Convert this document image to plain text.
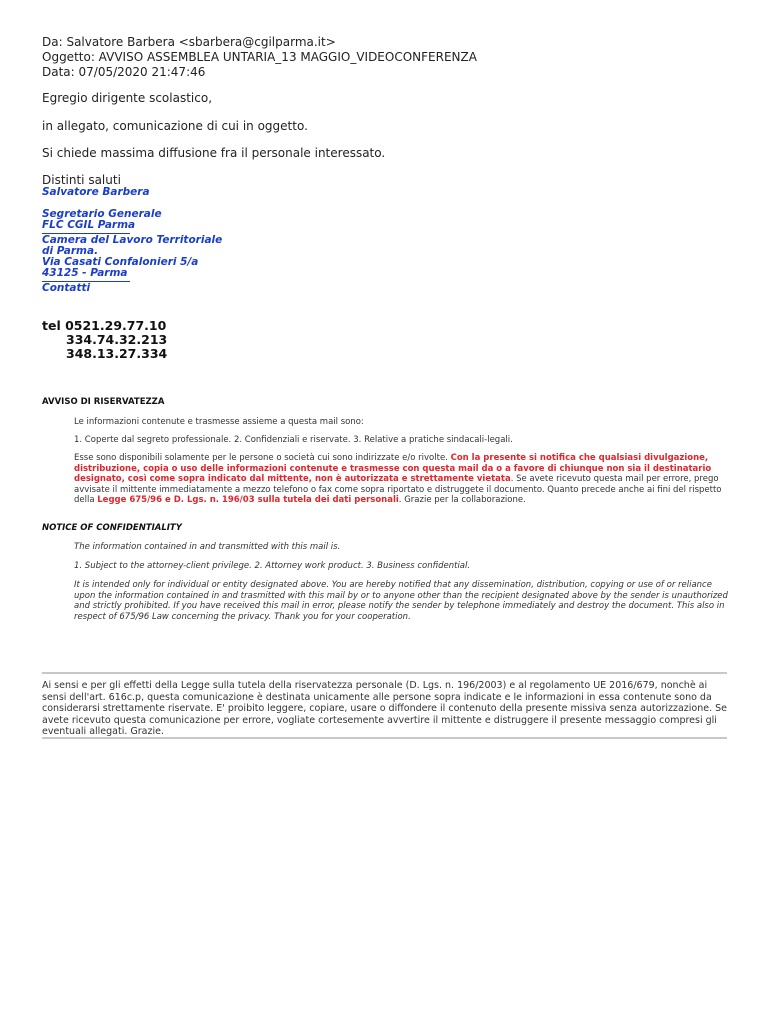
Da: Salvatore Barbera <sbarbera@cgilparma.it>
Oggetto: AVVISO ASSEMBLEA UNTARIA_13 MAGGIO_VIDEOCONFERENZA
Data: 07/05/2020 21:47:46
Egregio dirigente scolastico,
in allegato, comunicazione di cui in oggetto.
Si chiede massima diffusione fra il personale interessato.
Distinti saluti
Salvatore Barbera
Segretario Generale
FLC CGIL Parma
Camera del Lavoro Territoriale
di Parma.
Via Casati Confalonieri 5/a
43125 - Parma
Contatti
tel 0521.29.77.10
334.74.32.213
348.13.27.334
AVVISO DI RISERVATEZZA
Le informazioni contenute e trasmesse assieme a questa mail sono:
1. Coperte dal segreto professionale. 2. Confidenziali e riservate. 3. Relative a pratiche sindacali-legali.
Esse sono disponibili solamente per le persone o società cui sono indirizzate e/o rivolte. Con la presente si notifica che qualsiasi divulgazione, distribuzione, copia o uso delle informazioni contenute e trasmesse con questa mail da o a favore di chiunque non sia il destinatario designato, così come sopra indicato dal mittente, non è autorizzata e strettamente vietata. Se avete ricevuto questa mail per errore, prego avvisate il mittente immediatamente a mezzo telefono o fax come sopra riportato e distruggete il documento. Quanto precede anche ai fini del rispetto della Legge 675/96 e D. Lgs. n. 196/03 sulla tutela dei dati personali. Grazie per la collaborazione.
NOTICE OF CONFIDENTIALITY
The information contained in and transmitted with this mail is.
1. Subject to the attorney-client privilege. 2. Attorney work product. 3. Business confidential.
It is intended only for individual or entity designated above. You are hereby notified that any dissemination, distribution, copying or use of or reliance upon the information contained in and trasmitted with this mail by or to anyone other than the recipient designated above by the sender is unauthorized and strictly prohibited. If you have received this mail in error, please notify the sender by telephone immediately and destroy the document. This also in respect of 675/96 Law concerning the privacy. Thank you for your cooperation.
Ai sensi e per gli effetti della Legge sulla tutela della riservatezza personale (D. Lgs. n. 196/2003) e al regolamento UE 2016/679, nonchè ai sensi dell'art. 616c.p, questa comunicazione è destinata unicamente alle persone sopra indicate e le informazioni in essa contenute sono da considerarsi strettamente riservate. E' proibito leggere, copiare, usare o diffondere il contenuto della presente missiva senza autorizzazione. Se avete ricevuto questa comunicazione per errore, vogliate cortesemente avvertire il mittente e distruggere il presente messaggio compresi gli eventuali allegati. Grazie.
